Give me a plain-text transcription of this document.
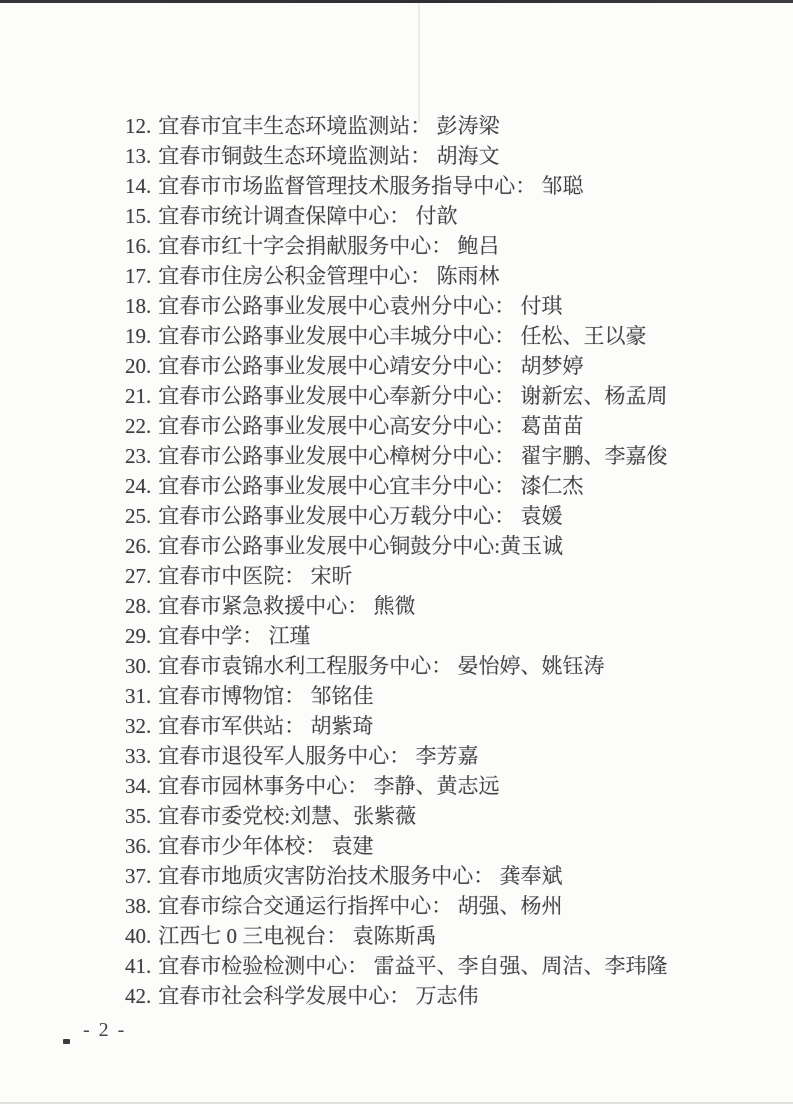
12. 宜春市宜丰生态环境监测站： 彭涛梁
13. 宜春市铜鼓生态环境监测站： 胡海文
14. 宜春市市场监督管理技术服务指导中心： 邹聪
15. 宜春市统计调查保障中心： 付歆
16. 宜春市红十字会捐献服务中心： 鲍吕
17. 宜春市住房公积金管理中心： 陈雨林
18. 宜春市公路事业发展中心袁州分中心： 付琪
19. 宜春市公路事业发展中心丰城分中心： 任松、王以豪
20. 宜春市公路事业发展中心靖安分中心： 胡梦婷
21. 宜春市公路事业发展中心奉新分中心： 谢新宏、杨孟周
22. 宜春市公路事业发展中心高安分中心： 葛苗苗
23. 宜春市公路事业发展中心樟树分中心： 翟宇鹏、李嘉俊
24. 宜春市公路事业发展中心宜丰分中心： 漆仁杰
25. 宜春市公路事业发展中心万载分中心： 袁媛
26. 宜春市公路事业发展中心铜鼓分中心:黄玉诚
27. 宜春市中医院： 宋昕
28. 宜春市紧急救援中心： 熊微
29. 宜春中学： 江瑾
30. 宜春市袁锦水利工程服务中心： 晏怡婷、姚钰涛
31. 宜春市博物馆： 邹铭佳
32. 宜春市军供站： 胡紫琦
33. 宜春市退役军人服务中心： 李芳嘉
34. 宜春市园林事务中心： 李静、黄志远
35. 宜春市委党校:刘慧、张紫薇
36. 宜春市少年体校： 袁建
37. 宜春市地质灾害防治技术服务中心： 龚奉斌
38. 宜春市综合交通运行指挥中心： 胡强、杨州
40. 江西七 0 三电视台： 袁陈斯禹
41. 宜春市检验检测中心： 雷益平、李自强、周洁、李玮隆
42. 宜春市社会科学发展中心： 万志伟
- 2 -
